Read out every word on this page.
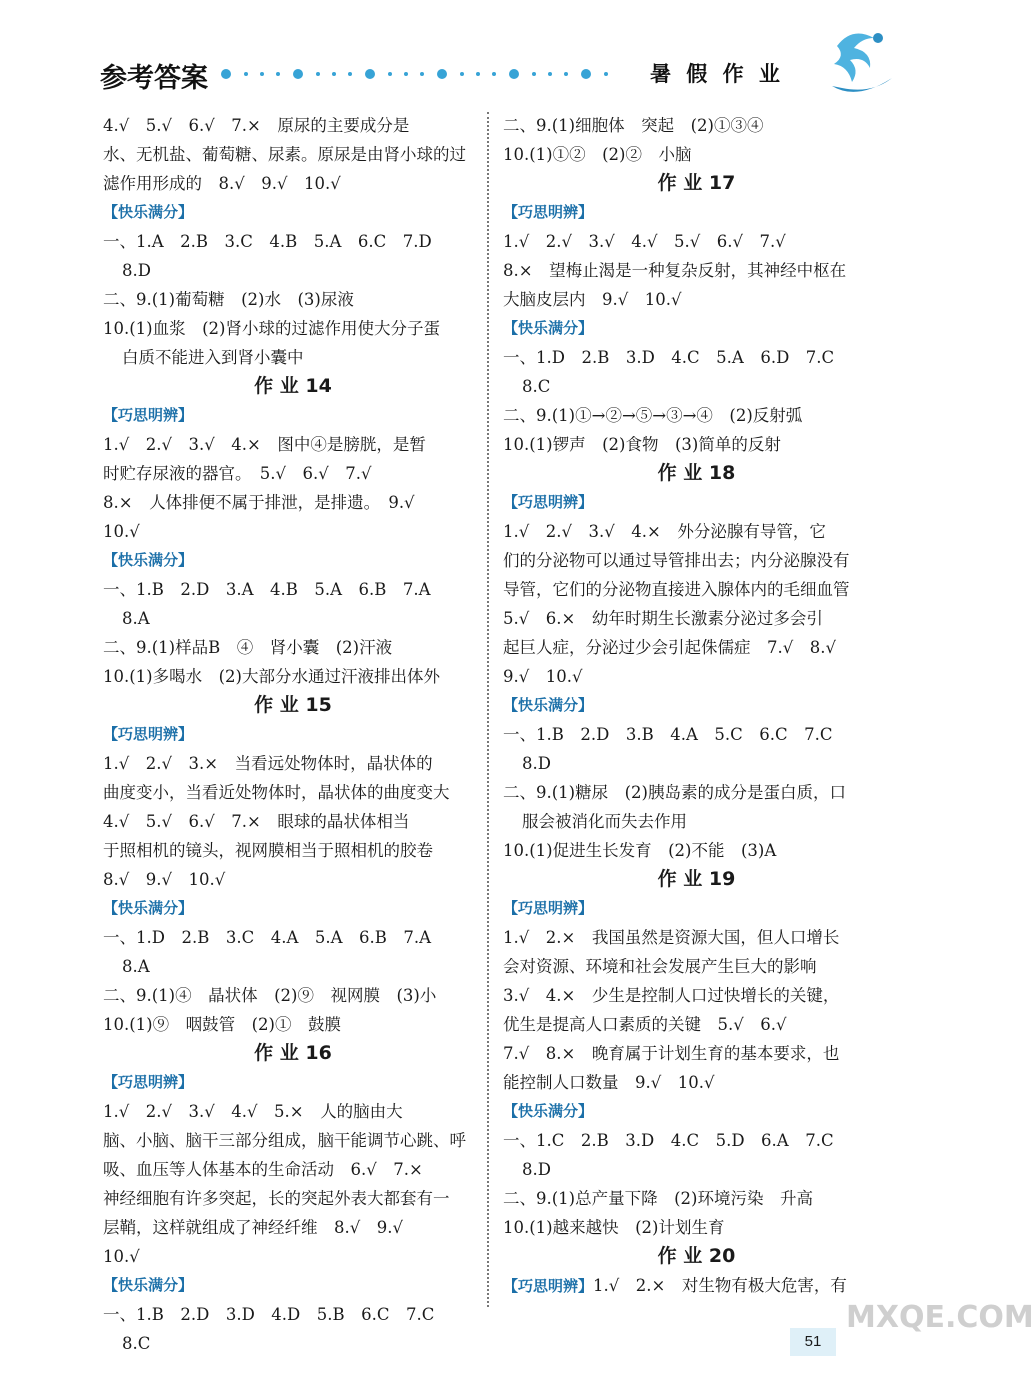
参考答案	暑 假 作 业
4.√　5.√　6.√　7.×　原尿的主要成分是
水、无机盐、葡萄糖、尿素。原尿是由肾小球的过
滤作用形成的　8.√　9.√　10.√
【快乐满分】
一、1.A　2.B　3.C　4.B　5.A　6.C　7.D
8.D
二、9.(1)葡萄糖　(2)水　(3)尿液
10.(1)血浆　(2)肾小球的过滤作用使大分子蛋
白质不能进入到肾小囊中
作 业 14
【巧思明辨】
1.√　2.√　3.√　4.×　图中④是膀胱，是暂
时贮存尿液的器官。　5.√　6.√　7.√
8.×　人体排便不属于排泄，是排遗。　9.√
10.√
【快乐满分】
一、1.B　2.D　3.A　4.B　5.A　6.B　7.A
8.A
二、9.(1)样品B　④　肾小囊　(2)汗液
10.(1)多喝水　(2)大部分水通过汗液排出体外
作 业 15
【巧思明辨】
1.√　2.√　3.×　当看远处物体时，晶状体的
曲度变小，当看近处物体时，晶状体的曲度变大
4.√　5.√　6.√　7.×　眼球的晶状体相当
于照相机的镜头，视网膜相当于照相机的胶卷
8.√　9.√　10.√
【快乐满分】
一、1.D　2.B　3.C　4.A　5.A　6.B　7.A
8.A
二、9.(1)④　晶状体　(2)⑨　视网膜　(3)小
10.(1)⑨　咽鼓管　(2)①　鼓膜
作 业 16
【巧思明辨】
1.√　2.√　3.√　4.√　5.×　人的脑由大
脑、小脑、脑干三部分组成，脑干能调节心跳、呼
吸、血压等人体基本的生命活动　6.√　7.×
神经细胞有许多突起，长的突起外表大都套有一
层鞘，这样就组成了神经纤维　8.√　9.√
10.√
【快乐满分】
一、1.B　2.D　3.D　4.D　5.B　6.C　7.C
8.C
二、9.(1)细胞体　突起　(2)①③④
10.(1)①②　(2)②　小脑
作 业 17
【巧思明辨】
1.√　2.√　3.√　4.√　5.√　6.√　7.√
8.×　望梅止渴是一种复杂反射，其神经中枢在
大脑皮层内　9.√　10.√
【快乐满分】
一、1.D　2.B　3.D　4.C　5.A　6.D　7.C
8.C
二、9.(1)①→②→⑤→③→④　(2)反射弧
10.(1)锣声　(2)食物　(3)简单的反射
作 业 18
【巧思明辨】
1.√　2.√　3.√　4.×　外分泌腺有导管，它
们的分泌物可以通过导管排出去；内分泌腺没有
导管，它们的分泌物直接进入腺体内的毛细血管
5.√　6.×　幼年时期生长激素分泌过多会引
起巨人症，分泌过少会引起侏儒症　7.√　8.√
9.√　10.√
【快乐满分】
一、1.B　2.D　3.B　4.A　5.C　6.C　7.C
8.D
二、9.(1)糖尿　(2)胰岛素的成分是蛋白质，口
服会被消化而失去作用
10.(1)促进生长发育　(2)不能　(3)A
作 业 19
【巧思明辨】
1.√　2.×　我国虽然是资源大国，但人口增长
会对资源、环境和社会发展产生巨大的影响
3.√　4.×　少生是控制人口过快增长的关键，
优生是提高人口素质的关键　5.√　6.√
7.√　8.×　晚育属于计划生育的基本要求，也
能控制人口数量　9.√　10.√
【快乐满分】
一、1.C　2.B　3.D　4.C　5.D　6.A　7.C
8.D
二、9.(1)总产量下降　(2)环境污染　升高
10.(1)越来越快　(2)计划生育
作 业 20
【巧思明辨】1.√　2.×　对生物有极大危害，有
51
MXQE.COM
